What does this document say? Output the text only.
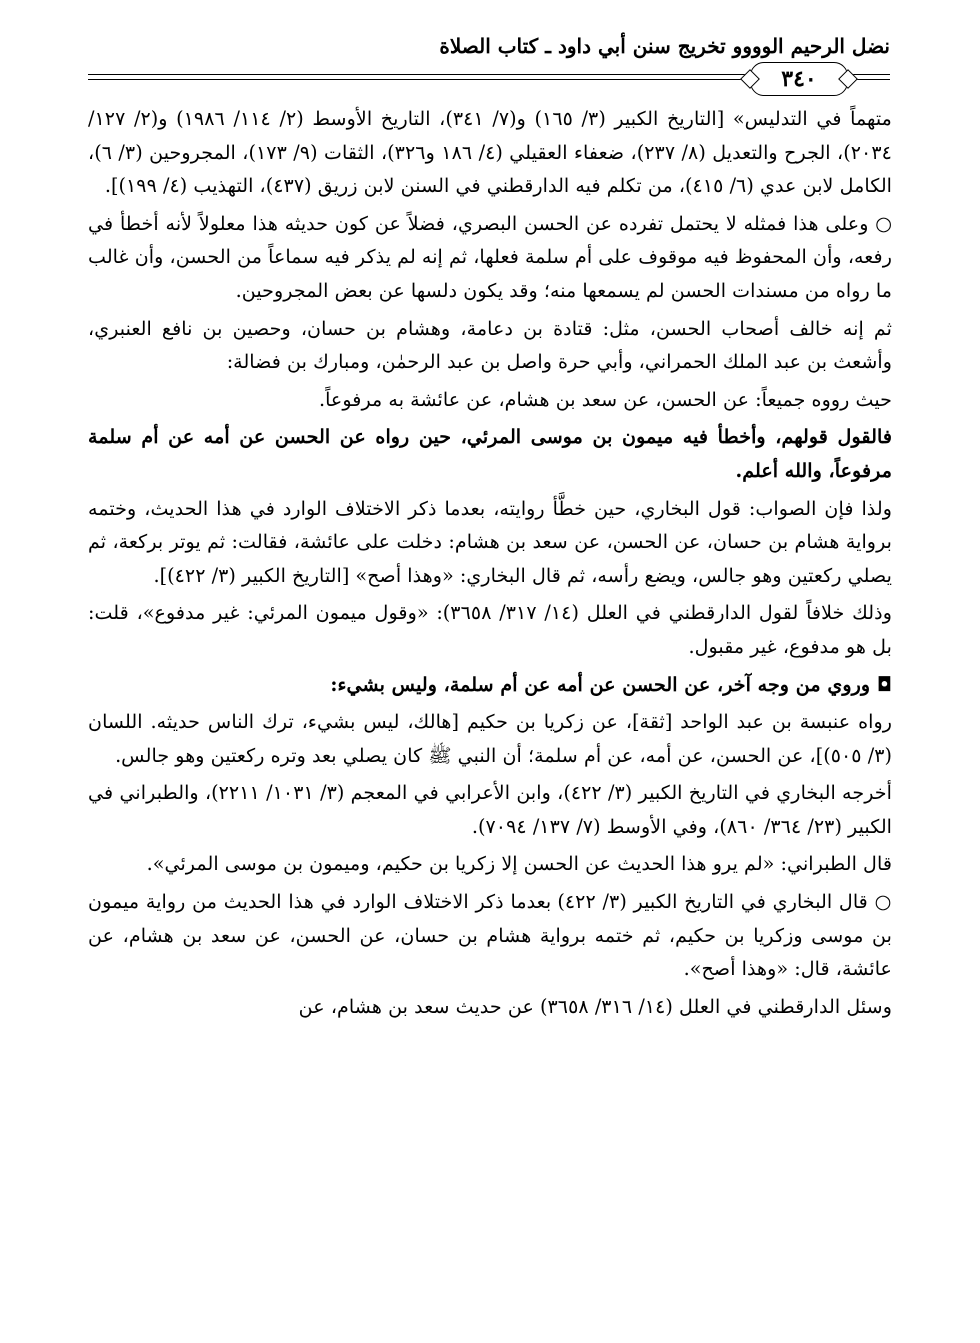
نضل الرحيم الوووو تخريج سنن أبي داود ـ كتاب الصلاة
٣٤٠

متهماً في التدليس» [التاريخ الكبير (٣/ ١٦٥) و(٧/ ٣٤١)، التاريخ الأوسط (٢/ ١١٤/ ١٩٨٦) و(٢/ ١٢٧/ ٢٠٣٤)، الجرح والتعديل (٨/ ٢٣٧)، ضعفاء العقيلي (٤/ ١٨٦ و٣٢٦)، الثقات (٩/ ١٧٣)، المجروحين (٣/ ٦)، الكامل لابن عدي (٦/ ٤١٥)، من تكلم فيه الدارقطني في السنن لابن زريق (٤٣٧)، التهذيب (٤/ ١٩٩)].

○ وعلى هذا فمثله لا يحتمل تفرده عن الحسن البصري، فضلاً عن كون حديثه هذا معلولاً لأنه أخطأ في رفعه، وأن المحفوظ فيه موقوف على أم سلمة فعلها، ثم إنه لم يذكر فيه سماعاً من الحسن، وأن غالب ما رواه من مسندات الحسن لم يسمعها منه؛ وقد يكون دلسها عن بعض المجروحين.

ثم إنه خالف أصحاب الحسن، مثل: قتادة بن دعامة، وهشام بن حسان، وحصين بن نافع العنبري، وأشعث بن عبد الملك الحمراني، وأبي حرة واصل بن عبد الرحمٰن، ومبارك بن فضالة:

حيث رووه جميعاً: عن الحسن، عن سعد بن هشام، عن عائشة به مرفوعاً.

فالقول قولهم، وأخطأ فيه ميمون بن موسى المرئي، حين رواه عن الحسن عن أمه عن أم سلمة مرفوعاً، والله أعلم.

ولذا فإن الصواب: قول البخاري، حين خطَّأ روايته، بعدما ذكر الاختلاف الوارد في هذا الحديث، وختمه برواية هشام بن حسان، عن الحسن، عن سعد بن هشام: دخلت على عائشة، فقالت: ثم يوتر بركعة، ثم يصلي ركعتين وهو جالس، ويضع رأسه، ثم قال البخاري: «وهذا أصح» [التاريخ الكبير (٣/ ٤٢٢)].

وذلك خلافاً لقول الدارقطني في العلل (١٤/ ٣١٧/ ٣٦٥٨): «وقول ميمون المرئي: غير مدفوع»، قلت: بل هو مدفوع، غير مقبول.

◘ وروي من وجه آخر، عن الحسن عن أمه عن أم سلمة، وليس بشيء:

رواه عنبسة بن عبد الواحد [ثقة]، عن زكريا بن حكيم [هالك، ليس بشيء، ترك الناس حديثه. اللسان (٣/ ٥٠٥)]، عن الحسن، عن أمه، عن أم سلمة؛ أن النبي ﷺ كان يصلي بعد وتره ركعتين وهو جالس.

أخرجه البخاري في التاريخ الكبير (٣/ ٤٢٢)، وابن الأعرابي في المعجم (٣/ ١٠٣١/ ٢٢١١)، والطبراني في الكبير (٢٣/ ٣٦٤/ ٨٦٠)، وفي الأوسط (٧/ ١٣٧/ ٧٠٩٤).

قال الطبراني: «لم يرو هذا الحديث عن الحسن إلا زكريا بن حكيم، وميمون بن موسى المرئي».

○ قال البخاري في التاريخ الكبير (٣/ ٤٢٢) بعدما ذكر الاختلاف الوارد في هذا الحديث من رواية ميمون بن موسى وزكريا بن حكيم، ثم ختمه برواية هشام بن حسان، عن الحسن، عن سعد بن هشام، عن عائشة، قال: «وهذا أصح».

وسئل الدارقطني في العلل (١٤/ ٣١٦/ ٣٦٥٨) عن حديث سعد بن هشام، عن
